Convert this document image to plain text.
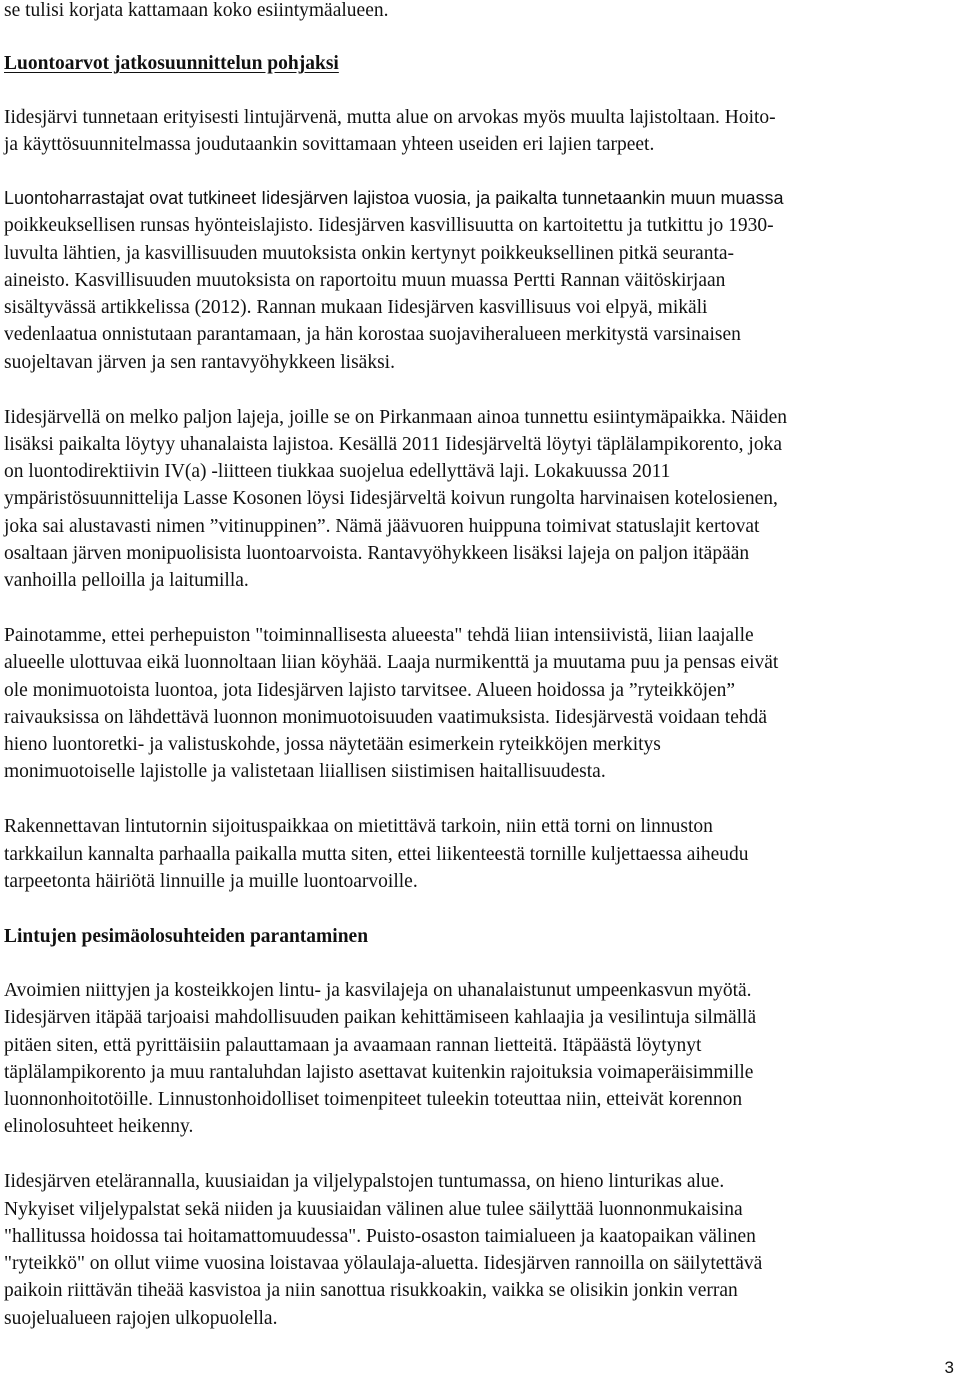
se tulisi korjata kattamaan koko esiintymäalueen.
Luontoarvot jatkosuunnittelun pohjaksi
Iidesjärvi tunnetaan erityisesti lintujärvenä, mutta alue on arvokas myös muulta lajistoltaan. Hoito-
ja käyttösuunnitelmassa joudutaankin sovittamaan yhteen useiden eri lajien tarpeet.
Luontoharrastajat ovat tutkineet Iidesjärven lajistoa vuosia, ja paikalta tunnetaankin muun muassa
poikkeuksellisen runsas hyönteislajisto. Iidesjärven kasvillisuutta on kartoitettu ja tutkittu jo 1930-
luvulta lähtien, ja kasvillisuuden muutoksista onkin kertynyt poikkeuksellinen pitkä seuranta-
aineisto. Kasvillisuuden muutoksista on raportoitu muun muassa Pertti Rannan väitöskirjaan
sisältyvässä artikkelissa (2012). Rannan mukaan Iidesjärven kasvillisuus voi elpyä, mikäli
vedenlaatua onnistutaan parantamaan, ja hän korostaa suojaviheralueen merkitystä varsinaisen
suojeltavan järven ja sen rantavyöhykkeen lisäksi.
Iidesjärvellä on melko paljon lajeja, joille se on Pirkanmaan ainoa tunnettu esiintymäpaikka. Näiden
lisäksi paikalta löytyy uhanalaista lajistoa. Kesällä 2011 Iidesjärveltä löytyi täplälampikorento, joka
on luontodirektiivin IV(a) -liitteen tiukkaa suojelua edellyttävä laji. Lokakuussa 2011
ympäristösuunnittelija Lasse Kosonen löysi Iidesjärveltä koivun rungolta harvinaisen kotelosienen,
joka sai alustavasti nimen ”vitinuppinen”. Nämä jäävuoren huippuna toimivat statuslajit kertovat
osaltaan järven monipuolisista luontoarvoista. Rantavyöhykkeen lisäksi lajeja on paljon itäpään
vanhoilla pelloilla ja laitumilla.
Painotamme, ettei perhepuiston "toiminnallisesta alueesta" tehdä liian intensiivistä, liian laajalle
alueelle ulottuvaa eikä luonnoltaan liian köyhää. Laaja nurmikenttä ja muutama puu ja pensas eivät
ole monimuotoista luontoa, jota Iidesjärven lajisto tarvitsee. Alueen hoidossa ja ”ryteikköjen”
raivauksissa on lähdettävä luonnon monimuotoisuuden vaatimuksista. Iidesjärvestä voidaan tehdä
hieno luontoretki- ja valistuskohde, jossa näytetään esimerkein ryteikköjen merkitys
monimuotoiselle lajistolle ja valistetaan liiallisen siistimisen haitallisuudesta.
Rakennettavan lintutornin sijoituspaikkaa on mietittävä tarkoin, niin että torni on linnuston
tarkkailun kannalta parhaalla paikalla mutta siten, ettei liikenteestä tornille kuljettaessa aiheudu
tarpeetonta häiriötä linnuille ja muille luontoarvoille.
Lintujen pesimäolosuhteiden parantaminen
Avoimien niittyjen ja kosteikkojen lintu- ja kasvilajeja on uhanalaistunut umpeenkasvun myötä.
Iidesjärven itäpää tarjoaisi mahdollisuuden paikan kehittämiseen kahlaajia ja vesilintuja silmällä
pitäen siten, että pyrittäisiin palauttamaan ja avaamaan rannan lietteitä. Itäpäästä löytynyt
täplälampikorento ja muu rantaluhdan lajisto asettavat kuitenkin rajoituksia voimaperäisimmille
luonnonhoitotöille. Linnustonhoidolliset toimenpiteet tuleekin toteuttaa niin, etteivät korennon
elinolosuhteet heikenny.
Iidesjärven etelärannalla, kuusiaidan ja viljelypalstojen tuntumassa, on hieno linturikas alue.
Nykyiset viljelypalstat sekä niiden ja kuusiaidan välinen alue tulee säilyttää luonnonmukaisina
"hallitussa hoidossa tai hoitamattomuudessa". Puisto-osaston taimialueen ja kaatopaikan välinen
"ryteikkö" on ollut viime vuosina loistavaa yölaulaja-aluetta. Iidesjärven rannoilla on säilytettävä
paikoin riittävän tiheää kasvistoa ja niin sanottua risukkoakin, vaikka se olisikin jonkin verran
suojelualueen rajojen ulkopuolella.
3
